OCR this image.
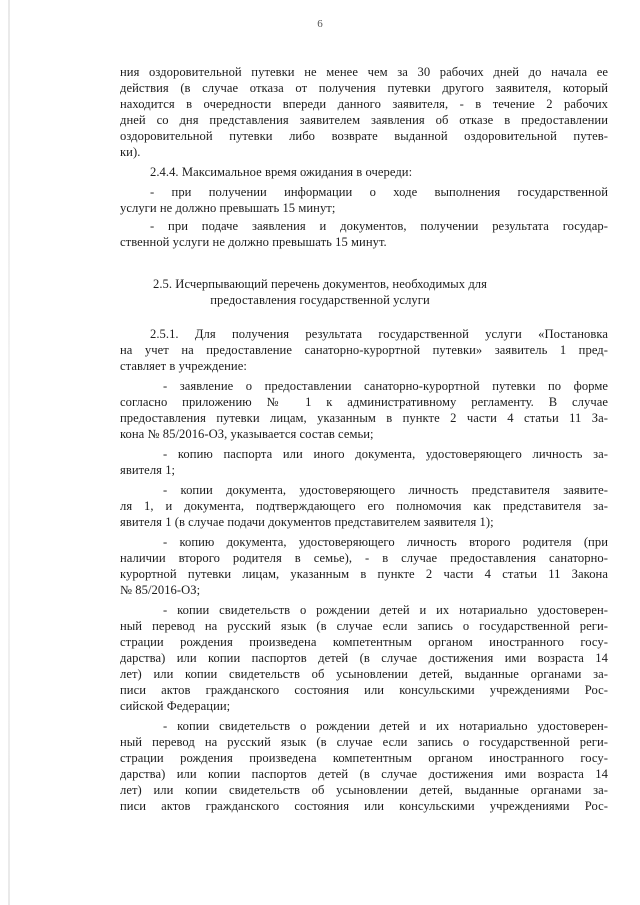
6
ния оздоровительной путевки не менее чем за 30 рабочих дней до начала ее
действия (в случае отказа от получения путевки другого заявителя, который
находится в очередности впереди данного заявителя, - в течение 2 рабочих
дней со дня представления заявителем заявления об отказе в предоставлении
оздоровительной путевки либо возврате выданной оздоровительной путев-
ки).
2.4.4. Максимальное время ожидания в очереди:
- при получении информации о ходе выполнения государственной
услуги не должно превышать 15 минут;
- при подаче заявления и документов, получении результата государ-
ственной услуги не должно превышать 15 минут.
2.5. Исчерпывающий перечень документов, необходимых для
предоставления государственной услуги
2.5.1. Для получения результата государственной услуги «Постановка
на учет на предоставление санаторно-курортной путевки» заявитель 1 пред-
ставляет в учреждение:
- заявление о предоставлении санаторно-курортной путевки по форме
согласно приложению № 1 к административному регламенту. В случае
предоставления путевки лицам, указанным в пункте 2 части 4 статьи 11 За-
кона № 85/2016-ОЗ, указывается состав семьи;
- копию паспорта или иного документа, удостоверяющего личность за-
явителя 1;
- копии документа, удостоверяющего личность представителя заявите-
ля 1, и документа, подтверждающего его полномочия как представителя за-
явителя 1 (в случае подачи документов представителем заявителя 1);
- копию документа, удостоверяющего личность второго родителя (при
наличии второго родителя в семье), - в случае предоставления санаторно-
курортной путевки лицам, указанным в пункте 2 части 4 статьи 11 Закона
№ 85/2016-ОЗ;
- копии свидетельств о рождении детей и их нотариально удостоверен-
ный перевод на русский язык (в случае если запись о государственной реги-
страции рождения произведена компетентным органом иностранного госу-
дарства) или копии паспортов детей (в случае достижения ими возраста 14
лет) или копии свидетельств об усыновлении детей, выданные органами за-
писи актов гражданского состояния или консульскими учреждениями Рос-
сийской Федерации;
- копии свидетельств о рождении детей и их нотариально удостоверен-
ный перевод на русский язык (в случае если запись о государственной реги-
страции рождения произведена компетентным органом иностранного госу-
дарства) или копии паспортов детей (в случае достижения ими возраста 14
лет) или копии свидетельств об усыновлении детей, выданные органами за-
писи актов гражданского состояния или консульскими учреждениями Рос-
